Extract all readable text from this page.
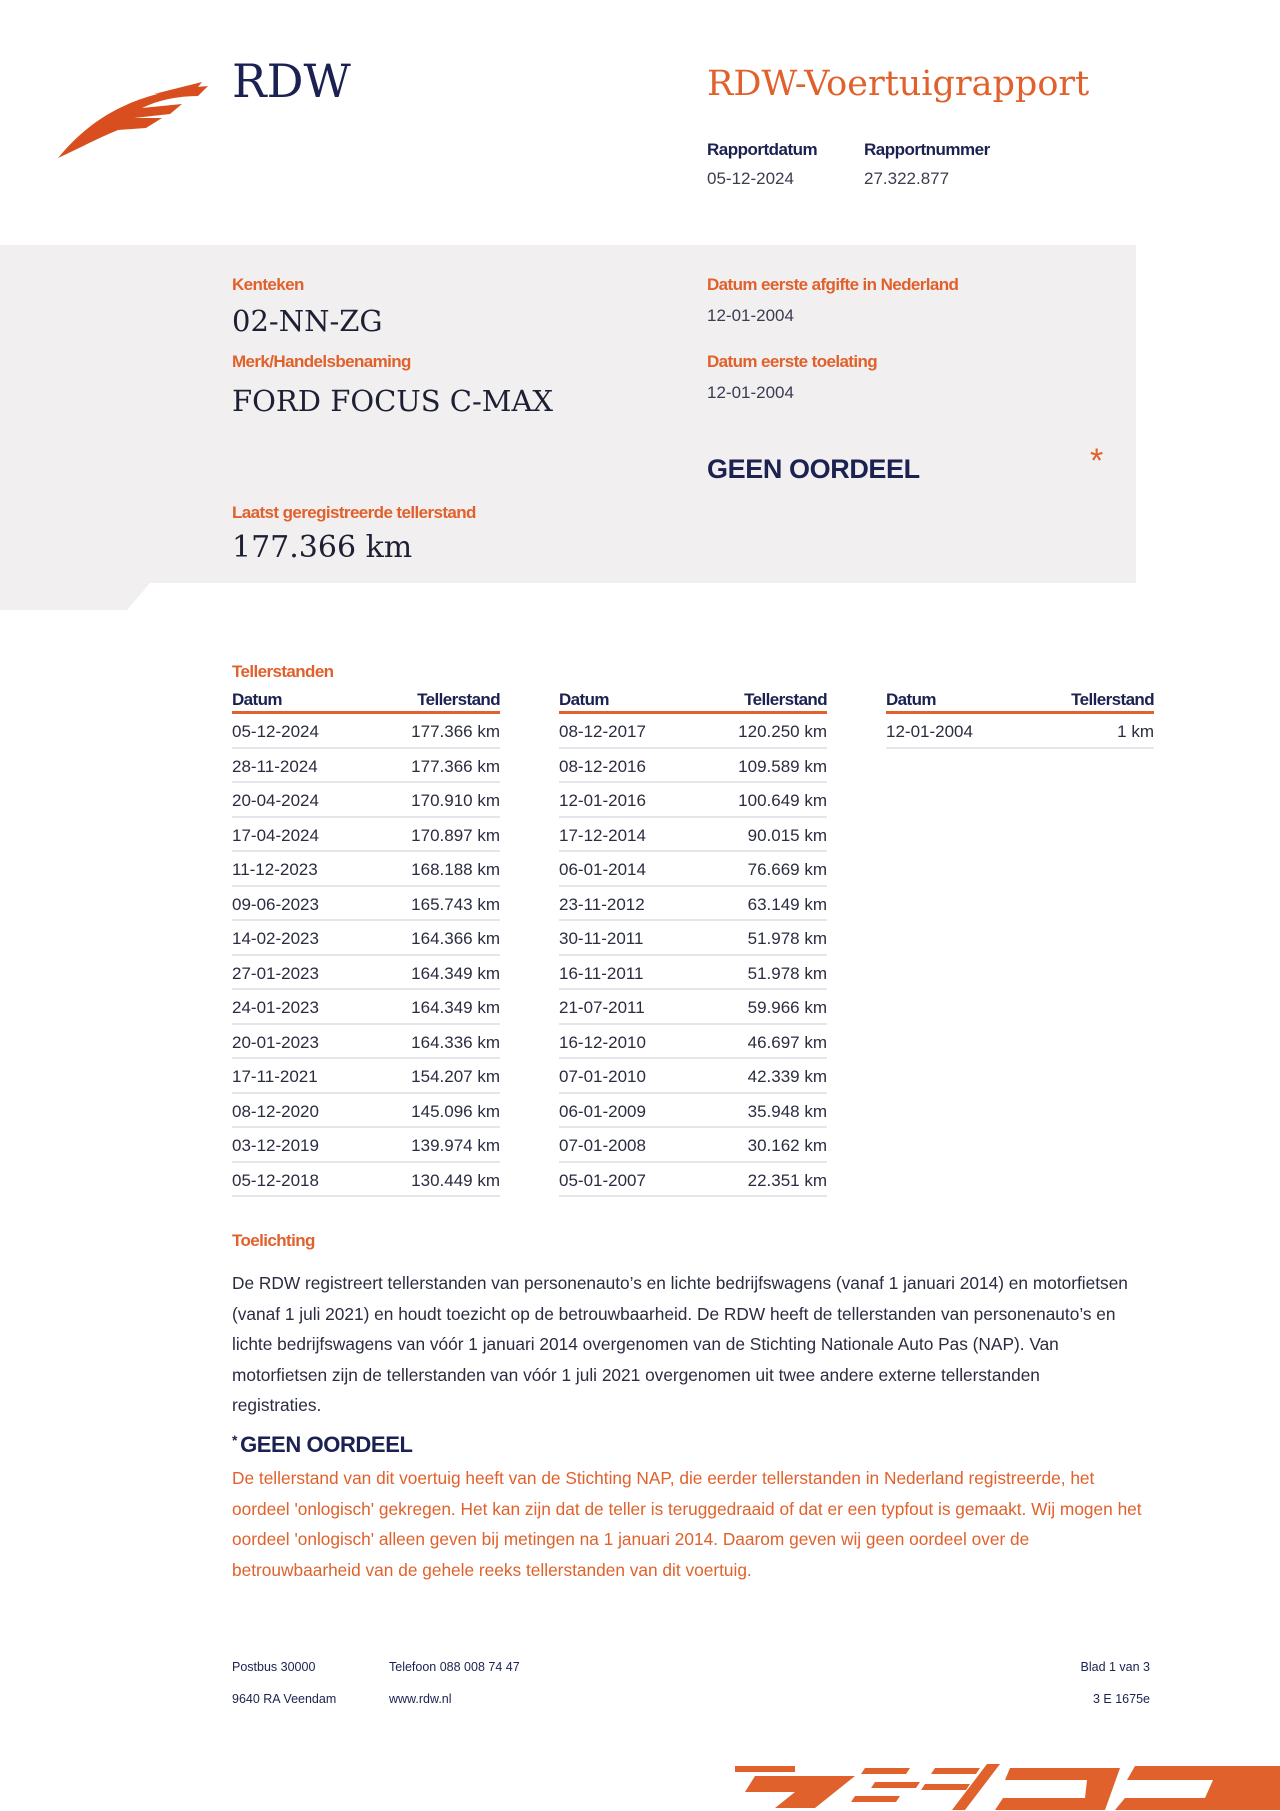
RDW	RDW-Voertuigrapport
Rapportdatum
05-12-2024
Rapportnummer
27.322.877
Kenteken
02-NN-ZG
Merk/Handelsbenaming
FORD FOCUS C-MAX
Datum eerste afgifte in Nederland
12-01-2004
Datum eerste toelating
12-01-2004
GEEN OORDEEL	*
Laatst geregistreerde tellerstand
177.366 km
Tellerstanden
Datum	Tellerstand
05-12-2024	177.366 km
28-11-2024	177.366 km
20-04-2024	170.910 km
17-04-2024	170.897 km
11-12-2023	168.188 km
09-06-2023	165.743 km
14-02-2023	164.366 km
27-01-2023	164.349 km
24-01-2023	164.349 km
20-01-2023	164.336 km
17-11-2021	154.207 km
08-12-2020	145.096 km
03-12-2019	139.974 km
05-12-2018	130.449 km
Datum	Tellerstand
08-12-2017	120.250 km
08-12-2016	109.589 km
12-01-2016	100.649 km
17-12-2014	90.015 km
06-01-2014	76.669 km
23-11-2012	63.149 km
30-11-2011	51.978 km
16-11-2011	51.978 km
21-07-2011	59.966 km
16-12-2010	46.697 km
07-01-2010	42.339 km
06-01-2009	35.948 km
07-01-2008	30.162 km
05-01-2007	22.351 km
Datum	Tellerstand
12-01-2004	1 km
Toelichting
De RDW registreert tellerstanden van personenauto’s en lichte bedrijfswagens (vanaf 1 januari 2014) en motorfietsen (vanaf 1 juli 2021) en houdt toezicht op de betrouwbaarheid. De RDW heeft de tellerstanden van personenauto’s en lichte bedrijfswagens van vóór 1 januari 2014 overgenomen van de Stichting Nationale Auto Pas (NAP). Van motorfietsen zijn de tellerstanden van vóór 1 juli 2021 overgenomen uit twee andere externe tellerstanden registraties.
* GEEN OORDEEL
De tellerstand van dit voertuig heeft van de Stichting NAP, die eerder tellerstanden in Nederland registreerde, het oordeel 'onlogisch' gekregen. Het kan zijn dat de teller is teruggedraaid of dat er een typfout is gemaakt. Wij mogen het oordeel 'onlogisch' alleen geven bij metingen na 1 januari 2014. Daarom geven wij geen oordeel over de betrouwbaarheid van de gehele reeks tellerstanden van dit voertuig.
Postbus 30000
9640 RA Veendam
Telefoon 088 008 74 47
www.rdw.nl
Blad 1 van 3
3 E 1675e
